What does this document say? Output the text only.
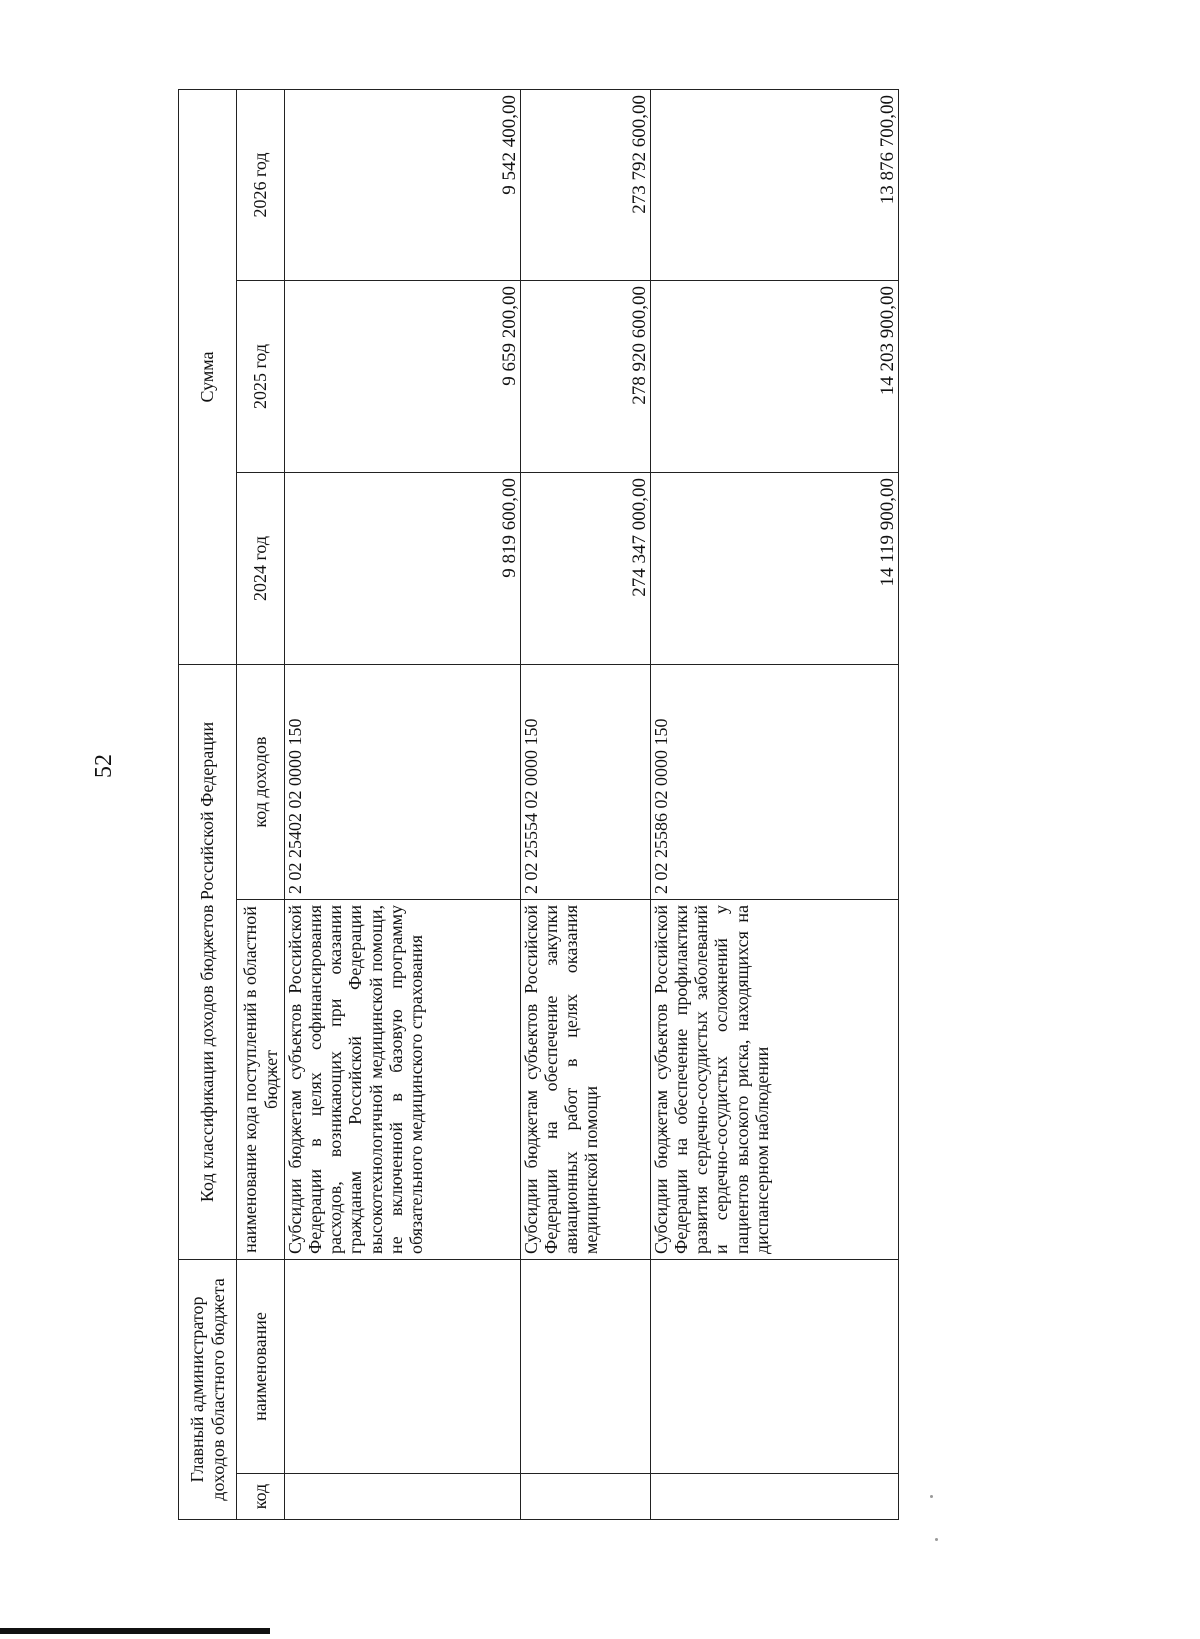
52
Главный администратор доходов областного бюджета		Код классификации доходов бюджетов Российской Федерации		Сумма		
код	наименование	наименование кода поступлений в областной бюджет	код доходов	2024 год	2025 год	2026 год
		Субсидии бюджетам субъектов Российской Федерации в целях софинансирования расходов, возникающих при оказании гражданам Российской Федерации высокотехнологичной медицинской помощи, не включенной в базовую программу обязательного медицинского страхования	2 02 25402 02 0000 150	9 819 600,00	9 659 200,00	9 542 400,00
		Субсидии бюджетам субъектов Российской Федерации на обеспечение закупки авиационных работ в целях оказания медицинской помощи	2 02 25554 02 0000 150	274 347 000,00	278 920 600,00	273 792 600,00
		Субсидии бюджетам субъектов Российской Федерации на обеспечение профилактики развития сердечно-сосудистых заболеваний и сердечно-сосудистых осложнений у пациентов высокого риска, находящихся на диспансерном наблюдении	2 02 25586 02 0000 150	14 119 900,00	14 203 900,00	13 876 700,00
